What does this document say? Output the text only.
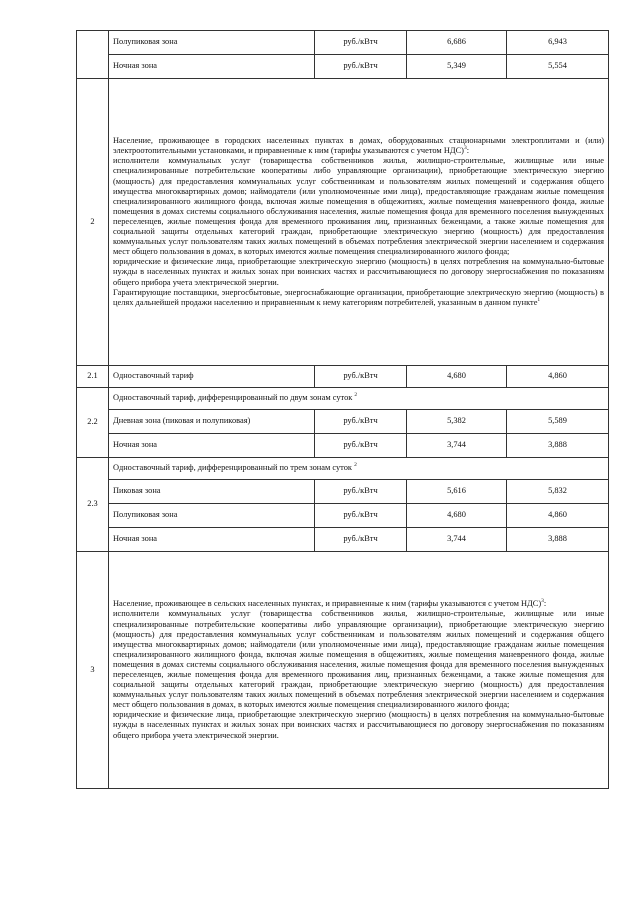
	Полупиковая зона	руб./кВтч	6,686	6,943
	Ночная зона	руб./кВтч	5,349	5,554
2	Население, проживающее в городских населенных пунктах в домах, оборудованных стационарными электроплитами и (или) электроотопительными установками, и приравненные к ним (тарифы указываются с учетом НДС)$^3$:

исполнители коммунальных услуг (товарищества собственников жилья, жилищно-строительные, жилищные или иные специализированные потребительские кооперативы либо управляющие организации), приобретающие электрическую энергию (мощность) для предоставления коммунальных услуг собственникам и пользователям жилых помещений и содержания общего имущества многоквартирных домов; наймодатели (или уполномоченные ими лица), предоставляющие гражданам жилые помещения специализированного жилищного фонда, включая жилые помещения в общежитиях, жилые помещения маневренного фонда, жилые помещения в домах системы социального обслуживания населения, жилые помещения фонда для временного поселения вынужденных переселенцев, жилые помещения фонда для временного проживания лиц, признанных беженцами, а также жилые помещения для социальной защиты отдельных категорий граждан, приобретающие электрическую энергию (мощность) для предоставления коммунальных услуг пользователям таких жилых помещений в объемах потребления электрической энергии населением и содержания мест общего пользования в домах, в которых имеются жилые помещения специализированного жилого фонда;

юридические и физические лица, приобретающие электрическую энергию (мощность) в целях потребления на коммунально-бытовые нужды в населенных пунктах и жилых зонах при воинских частях и рассчитывающиеся по договору энергоснабжения по показаниям общего прибора учета электрической энергии.

Гарантирующие поставщики, энергосбытовые, энергоснабжающие организации, приобретающие электрическую энергию (мощность) в целях дальнейшей продажи населению и приравненным к нему категориям потребителей, указанным в данном пункте$^1$

2.1	Одноставочный тариф	руб./кВтч	4,680	4,860
2.2	Одноставочный тариф, дифференцированный по двум зонам суток $^2$
	Дневная зона (пиковая и полупиковая)	руб./кВтч	5,382	5,589
	Ночная зона	руб./кВтч	3,744	3,888
2.3	Одноставочный тариф, дифференцированный по трем зонам суток $^2$
	Пиковая зона	руб./кВтч	5,616	5,832
	Полупиковая зона	руб./кВтч	4,680	4,860
	Ночная зона	руб./кВтч	3,744	3,888
3	Население, проживающее в сельских населенных пунктах, и приравненные к ним (тарифы указываются с учетом НДС)$^3$:

исполнители коммунальных услуг (товарищества собственников жилья, жилищно-строительные, жилищные или иные специализированные потребительские кооперативы либо управляющие организации), приобретающие электрическую энергию (мощность) для предоставления коммунальных услуг собственникам и пользователям жилых помещений и содержания общего имущества многоквартирных домов; наймодатели (или уполномоченные ими лица), предоставляющие гражданам жилые помещения специализированного жилищного фонда, включая жилые помещения в общежитиях, жилые помещения маневренного фонда, жилые помещения в домах системы социального обслуживания населения, жилые помещения фонда для временного поселения вынужденных переселенцев, жилые помещения фонда для временного проживания лиц, признанных беженцами, а также жилые помещения для социальной защиты отдельных категорий граждан, приобретающие электрическую энергию (мощность) для предоставления коммунальных услуг пользователям таких жилых помещений в объемах потребления электрической энергии населением и содержания мест общего пользования в домах, в которых имеются жилые помещения специализированного жилого фонда;

юридические и физические лица, приобретающие электрическую энергию (мощность) в целях потребления на коммунально-бытовые нужды в населенных пунктах и жилых зонах при воинских частях и рассчитывающиеся по договору энергоснабжения по показаниям общего прибора учета электрической энергии.			
